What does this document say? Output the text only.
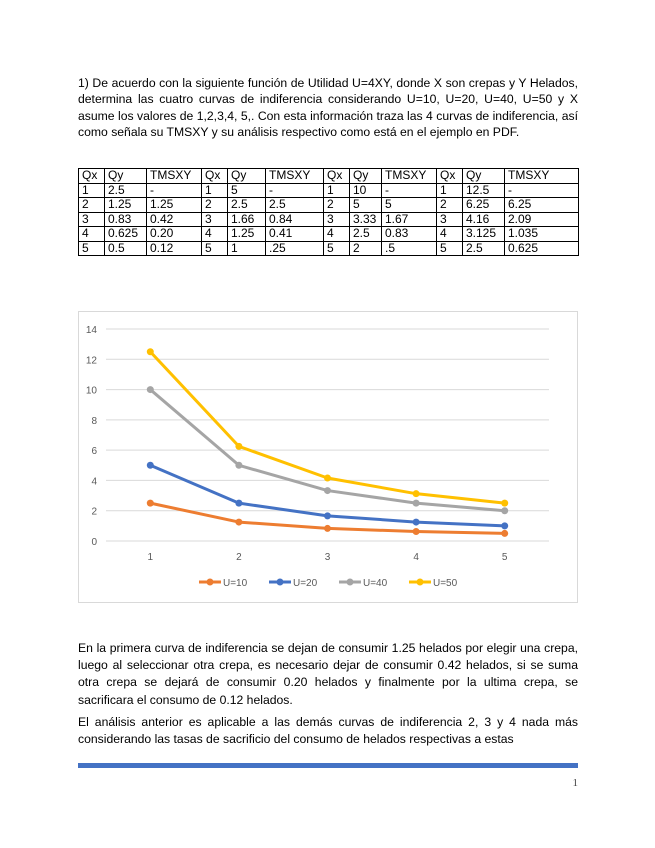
1) De acuerdo con la siguiente función de Utilidad U=4XY, donde X son crepas y Y Helados, determina las cuatro curvas de indiferencia considerando U=10, U=20, U=40, U=50 y X asume los valores de 1,2,3,4, 5,. Con esta información traza las 4 curvas de indiferencia, así como señala su TMSXY y su análisis respectivo como está en el ejemplo en PDF.

Qx	Qy	TMSXY	Qx	Qy	TMSXY	Qx	Qy	TMSXY	Qx	Qy	TMSXY
1	2.5	-	1	5	-	1	10	-	1	12.5	-
2	1.25	1.25	2	2.5	2.5	2	5	5	2	6.25	6.25
3	0.83	0.42	3	1.66	0.84	3	3.33	1.67	3	4.16	2.09
4	0.625	0.20	4	1.25	0.41	4	2.5	0.83	4	3.125	1.035
5	0.5	0.12	5	1	.25	5	2	.5	5	2.5	0.625
0
2
4
6
8
10
12
14
1	2	3	4	5
U=10	U=20	U=40	U=50

En la primera curva de indiferencia se dejan de consumir 1.25 helados por elegir una crepa, luego al seleccionar otra crepa, es necesario dejar de consumir 0.42 helados, si se suma otra crepa se dejará de consumir 0.20 helados y finalmente por la ultima crepa, se sacrificara el consumo de 0.12 helados.

El análisis anterior es aplicable a las demás curvas de indiferencia 2, 3 y 4 nada más considerando las tasas de sacrificio del consumo de helados respectivas a estas

1
